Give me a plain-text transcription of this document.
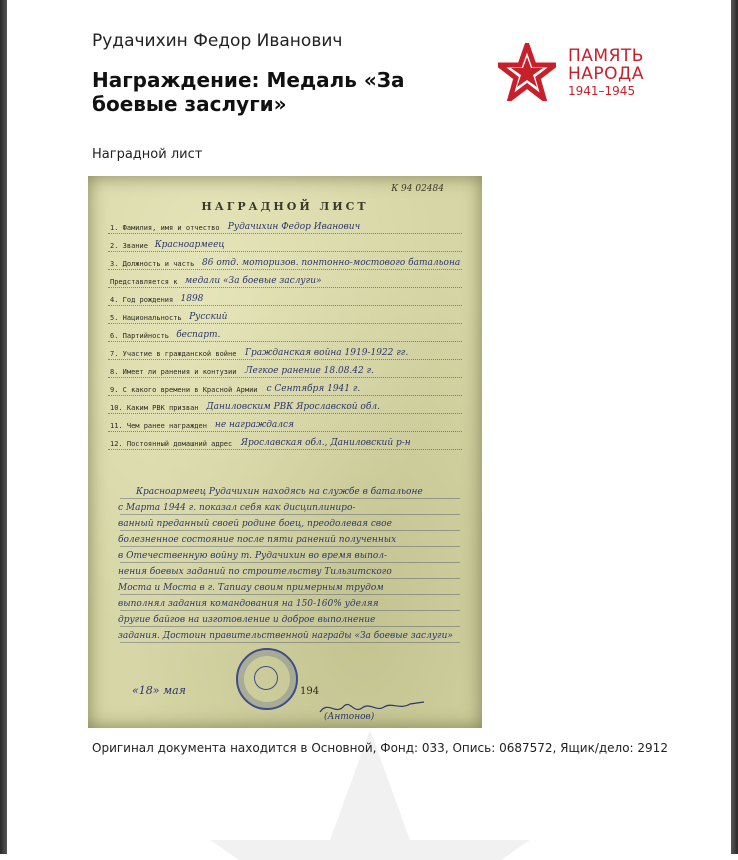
Рудачихин Федор Иванович
Награждение: Медаль «За боевые заслуги»
ПАМЯТЬ
НАРОДА
1941–1945
Наградной лист
К 94 02484
НАГРАДНОЙ ЛИСТ
1. Фамилия, имя и отчество Рудачихин Федор Иванович
2. Звание Красноармеец
3. Должность и часть 86 отд. моторизов. понтонно-мостового батальона
Представляется к медали «За боевые заслуги»
4. Год рождения 1898
5. Национальность Русский
6. Партийность беспарт.
7. Участие в гражданской войне Гражданская война 1919-1922 гг.
8. Имеет ли ранения и контузии Легкое ранение 18.08.42 г.
9. С какого времени в Красной Армии с Сентября 1941 г.
10. Каким РВК призван Даниловским РВК Ярославской обл.
11. Чем ранее награжден не награждался
12. Постоянный домашний адрес Ярославская обл., Даниловский р-н
Красноармеец Рудачихин находясь на службе в батальоне
с Марта 1944 г. показал себя как дисциплиниро-
ванный преданный своей родине боец, преодолевая свое
болезненное состояние после пяти ранений полученных
в Отечественную войну т. Рудачихин во время выпол-
нения боевых заданий по строительству Тильзитского
Моста и Моста в г. Тапиау своим примерным трудом
выполнял задания командования на 150-160% уделяя
другие байгов на изготовление и доброе выполнение
задания. Достоин правительственной награды «За боевые заслуги»
«18» мая	194
(Антонов)
Оригинал документа находится в Основной, Фонд: 033, Опись: 0687572, Ящик/дело: 2912
